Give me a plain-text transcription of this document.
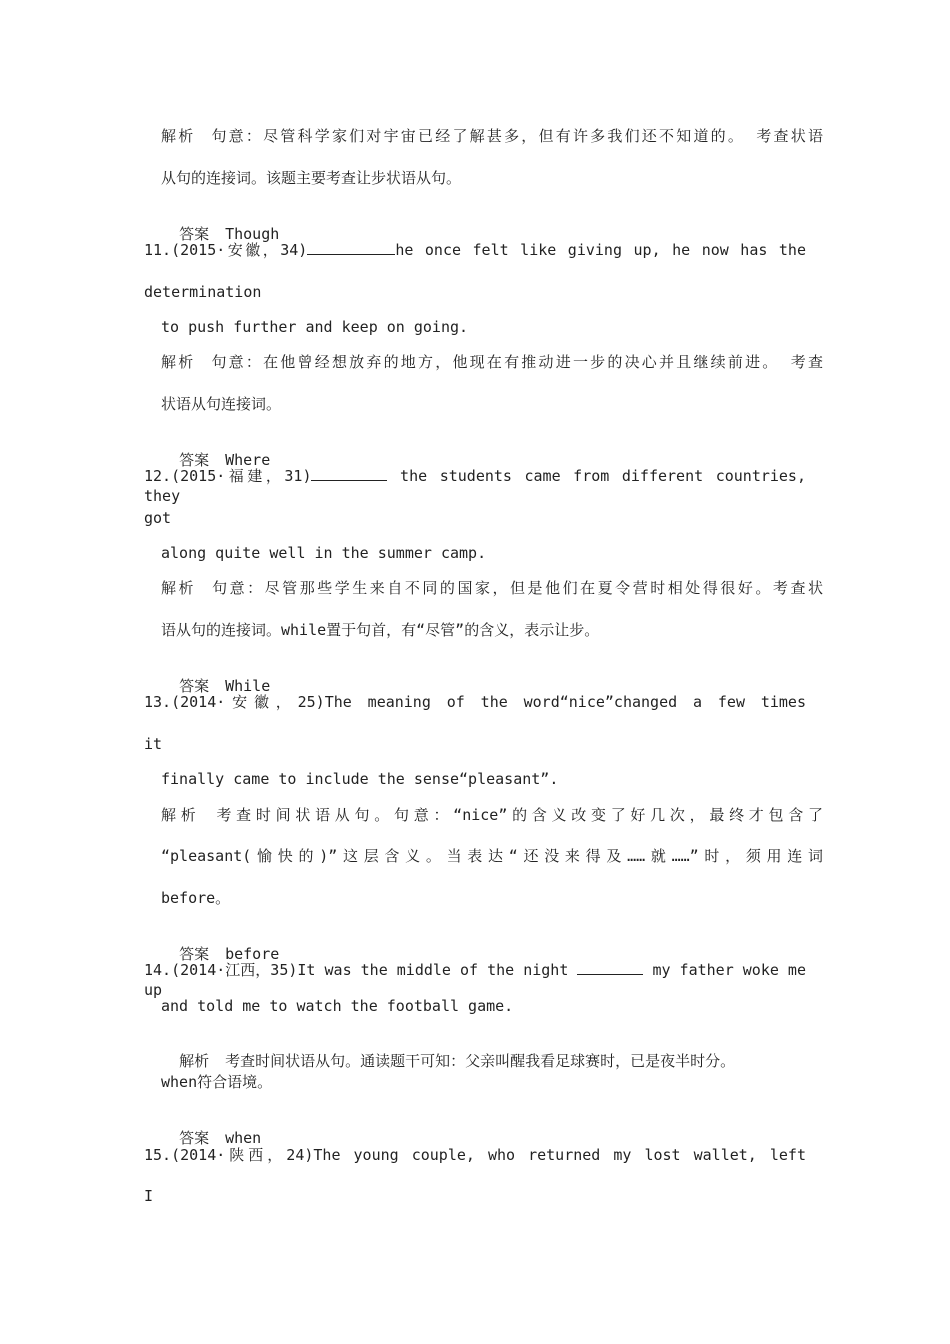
解析 句意：尽管科学家们对宇宙已经了解甚多，但有许多我们还不知道的。 考查状语
从句的连接词。该题主要考查让步状语从句。

答案 Though

11.(2015·安徽，34)	he once felt like giving up, he now has the
determination
to push further and keep on going.
解析 句意：在他曾经想放弃的地方，他现在有推动进一步的决心并且继续前进。 考查
状语从句连接词。

答案 Where

12.(2015·福建，31)	the students came from different countries, they
got
along quite well in the summer camp.
解析 句意：尽管那些学生来自不同的国家，但是他们在夏令营时相处得很好。考查状
语从句的连接词。while置于句首，有“尽管”的含义，表示让步。

答案 While

13.(2014·安徽，25)The meaning of the word“nice”changed a few times
it
finally came to include the sense“pleasant”.
解析 考查时间状语从句。句意：“nice”的含义改变了好几次，最终才包含了
“pleasant(愉快的)”这层含义。当表达“还没来得及……就……”时，须用连词
before。

答案 before

14.(2014·江西，35)It was the middle of the night	my father woke me up
and told me to watch the football game.

解析 考查时间状语从句。通读题干可知：父亲叫醒我看足球赛时，已是夜半时分。

when符合语境。

答案 when

15.(2014·陕西，24)The young couple, who returned my lost wallet, left
I
